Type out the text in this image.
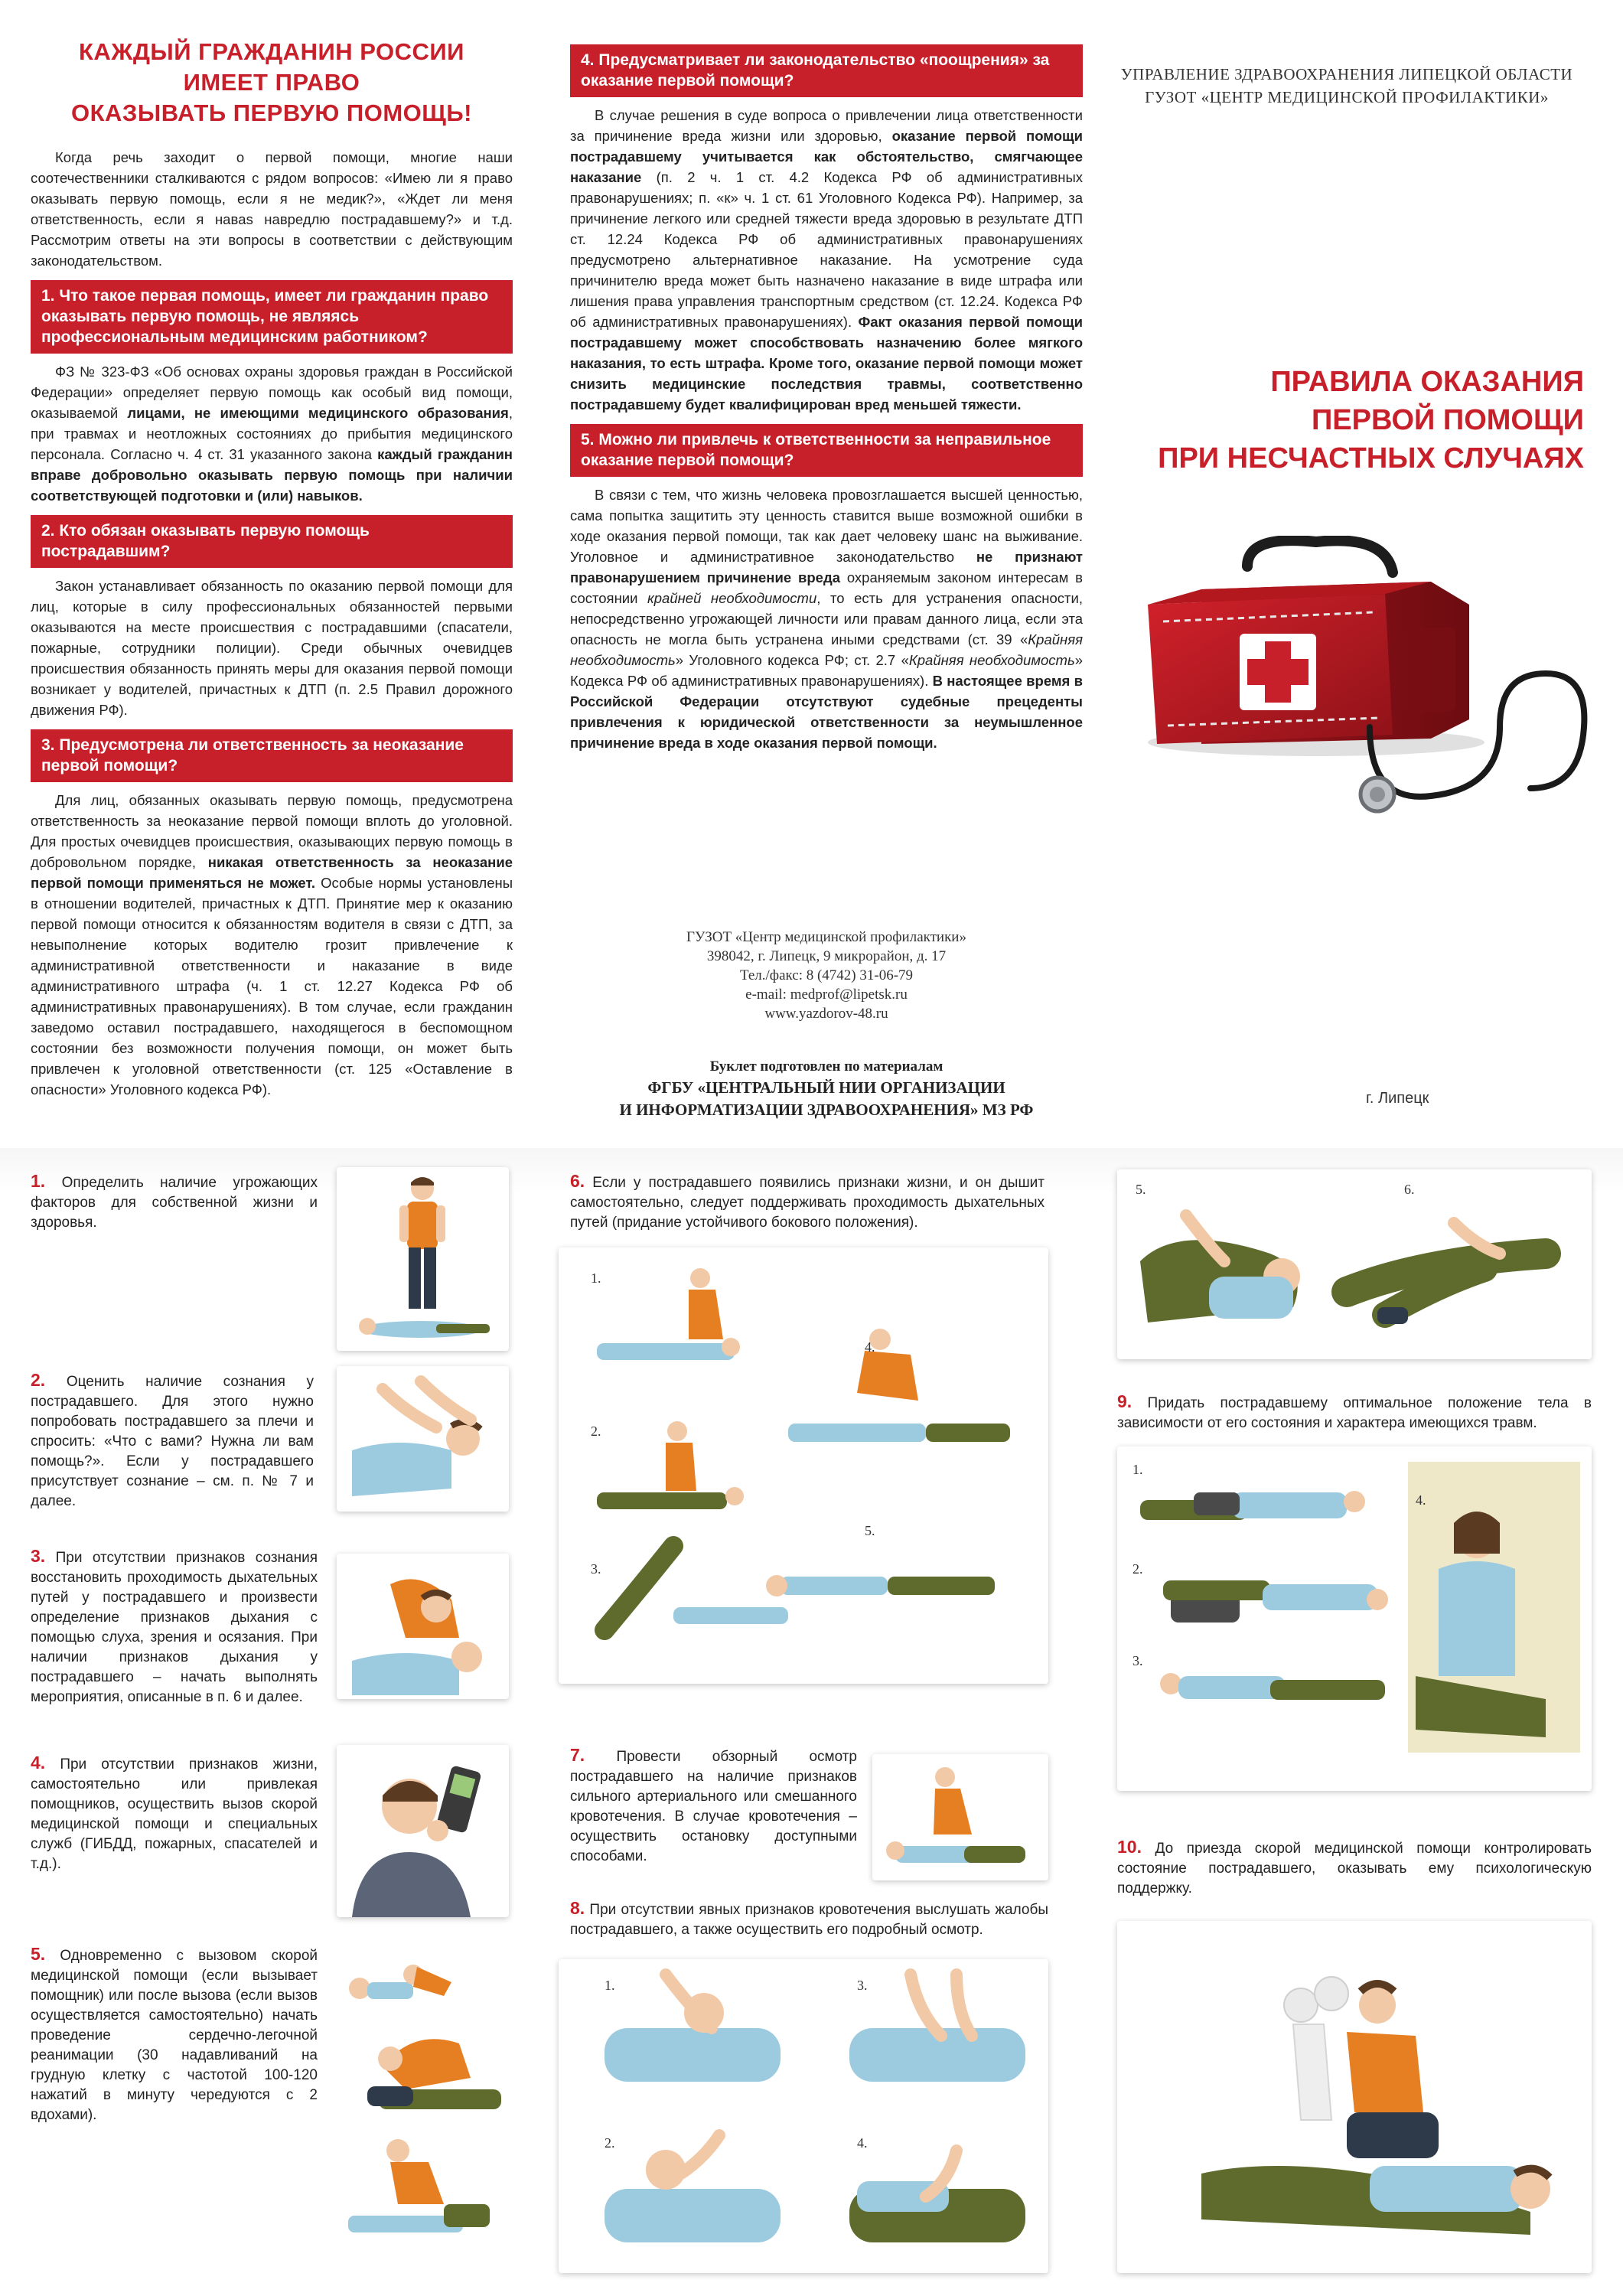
КАЖДЫЙ ГРАЖДАНИН РОССИИ
ИМЕЕТ ПРАВО
ОКАЗЫВАТЬ ПЕРВУЮ ПОМОЩЬ!

Когда речь заходит о первой помощи, многие наши соотечественники сталкиваются с рядом вопросов: «Имею ли я право оказывать первую помощь, если я не медик?», «Ждет ли меня ответственность, если я навas навредлю пострадавшему?» и т.д. Рассмотрим ответы на эти вопросы в соответствии с действующим законодательством.

1. Что такое первая помощь, имеет ли гражданин право оказывать первую помощь, не являясь профессиональным медицинским работником?

ФЗ № 323-ФЗ «Об основах охраны здоровья граждан в Российской Федерации» определяет первую помощь как особый вид помощи, оказываемой лицами, не имеющими медицинского образования, при травмах и неотложных состояниях до прибытия медицинского персонала. Согласно ч. 4 ст. 31 указанного закона каждый гражданин вправе добровольно оказывать первую помощь при наличии соответствующей подготовки и (или) навыков.

2. Кто обязан оказывать первую помощь пострадавшим?

Закон устанавливает обязанность по оказанию первой помощи для лиц, которые в силу профессиональных обязанностей первыми оказываются на месте происшествия с пострадавшими (спасатели, пожарные, сотрудники полиции). Среди обычных очевидцев происшествия обязанность принять меры для оказания первой помощи возникает у водителей, причастных к ДТП (п. 2.5 Правил дорожного движения РФ).

3. Предусмотрена ли ответственность за неоказание первой помощи?

Для лиц, обязанных оказывать первую помощь, предусмотрена ответственность за неоказание первой помощи вплоть до уголовной. Для простых очевидцев происшествия, оказывающих первую помощь в добровольном порядке, никакая ответственность за неоказание первой помощи применяться не может. Особые нормы установлены в отношении водителей, причастных к ДТП. Принятие мер к оказанию первой помощи относится к обязанностям водителя в связи с ДТП, за невыполнение которых водителю грозит привлечение к административной ответственности и наказание в виде административного штрафа (ч. 1 ст. 12.27 Кодекса РФ об административных правонарушениях). В том случае, если гражданин заведомо оставил пострадавшего, находящегося в беспомощном состоянии без возможности получения помощи, он может быть привлечен к уголовной ответственности (ст. 125 «Оставление в опасности» Уголовного кодекса РФ).

4. Предусматривает ли законодательство «поощрения» за оказание первой помощи?

В случае решения в суде вопроса о привлечении лица ответственности за причинение вреда жизни или здоровью, оказание первой помощи пострадавшему учитывается как обстоятельство, смягчающее наказание (п. 2 ч. 1 ст. 4.2 Кодекса РФ об административных правонарушениях; п. «к» ч. 1 ст. 61 Уголовного Кодекса РФ). Например, за причинение легкого или средней тяжести вреда здоровью в результате ДТП ст. 12.24 Кодекса РФ об административных правонарушениях предусмотрено альтернативное наказание. На усмотрение суда причинителю вреда может быть назначено наказание в виде штрафа или лишения права управления транспортным средством (ст. 12.24. Кодекса РФ об административных правонарушениях). Факт оказания первой помощи пострадавшему может способствовать назначению более мягкого наказания, то есть штрафа. Кроме того, оказание первой помощи может снизить медицинские последствия травмы, соответственно пострадавшему будет квалифицирован вред меньшей тяжести.

5. Можно ли привлечь к ответственности за неправильное оказание первой помощи?

В связи с тем, что жизнь человека провозглашается высшей ценностью, сама попытка защитить эту ценность ставится выше возможной ошибки в ходе оказания первой помощи, так как дает человеку шанс на выживание. Уголовное и административное законодательство не признают правонарушением причинение вреда охраняемым законом интересам в состоянии крайней необходимости, то есть для устранения опасности, непосредственно угрожающей личности или правам данного лица, если эта опасность не могла быть устранена иными средствами (ст. 39 «Крайняя необходимость» Уголовного кодекса РФ; ст. 2.7 «Крайняя необходимость» Кодекса РФ об административных правонарушениях). В настоящее время в Российской Федерации отсутствуют судебные прецеденты привлечения к юридической ответственности за неумышленное причинение вреда в ходе оказания первой помощи.

ГУЗОТ «Центр медицинской профилактики»
398042, г. Липецк, 9 микрорайон, д. 17
Тел./факс: 8 (4742) 31-06-79
e-mail: medprof@lipetsk.ru
www.yazdorov-48.ru
Буклет подготовлен по материалам
ФГБУ «ЦЕНТРАЛЬНЫЙ НИИ ОРГАНИЗАЦИИ
И ИНФОРМАТИЗАЦИИ ЗДРАВООХРАНЕНИЯ» МЗ РФ
УПРАВЛЕНИЕ ЗДРАВООХРАНЕНИЯ ЛИПЕЦКОЙ ОБЛАСТИ
ГУЗОТ «ЦЕНТР МЕДИЦИНСКОЙ ПРОФИЛАКТИКИ»
ПРАВИЛА ОКАЗАНИЯ
ПЕРВОЙ ПОМОЩИ
ПРИ НЕСЧАСТНЫХ СЛУЧАЯХ
г. Липецк
1. Определить наличие угрожающих факторов для собственной жизни и здоровья.
2. Оценить наличие сознания у пострадавшего. Для этого нужно попробовать пострадавшего за плечи и спросить: «Что с вами? Нужна ли вам помощь?». Если у пострадавшего присутствует сознание – см. п. № 7 и далее.
3. При отсутствии признаков сознания восстановить проходимость дыхательных путей у пострадавшего и произвести определение признаков дыхания с помощью слуха, зрения и осязания. При наличии признаков дыхания у пострадавшего – начать выполнять мероприятия, описанные в п. 6 и далее.
4. При отсутствии признаков жизни, самостоятельно или привлекая помощников, осуществить вызов скорой медицинской помощи и специальных служб (ГИБДД, пожарных, спасателей и т.д.).
5. Одновременно с вызовом скорой медицинской помощи (если вызывает помощник) или после вызова (если вызов осуществляется самостоятельно) начать проведение сердечно-легочной реанимации (30 надавливаний на грудную клетку с частотой 100-120 нажатий в минуту чередуются с 2 вдохами).
6. Если у пострадавшего появились признаки жизни, и он дышит самостоятельно, следует поддерживать проходимость дыхательных путей (придание устойчивого бокового положения).
1.
2.
3.
4.
5.
7. Провести обзорный осмотр пострадавшего на наличие признаков сильного артериального или смешанного кровотечения. В случае кровотечения – осуществить остановку доступными способами.
8. При отсутствии явных признаков кровотечения выслушать жалобы пострадавшего, а также осуществить его подробный осмотр.
1.
2.
3.
4.
5.	6.
9. Придать пострадавшему оптимальное положение тела в зависимости от его состояния и характера имеющихся травм.
1.
2.
3.
4.
10. До приезда скорой медицинской помощи контролировать состояние пострадавшего, оказывать ему психологическую поддержку.
